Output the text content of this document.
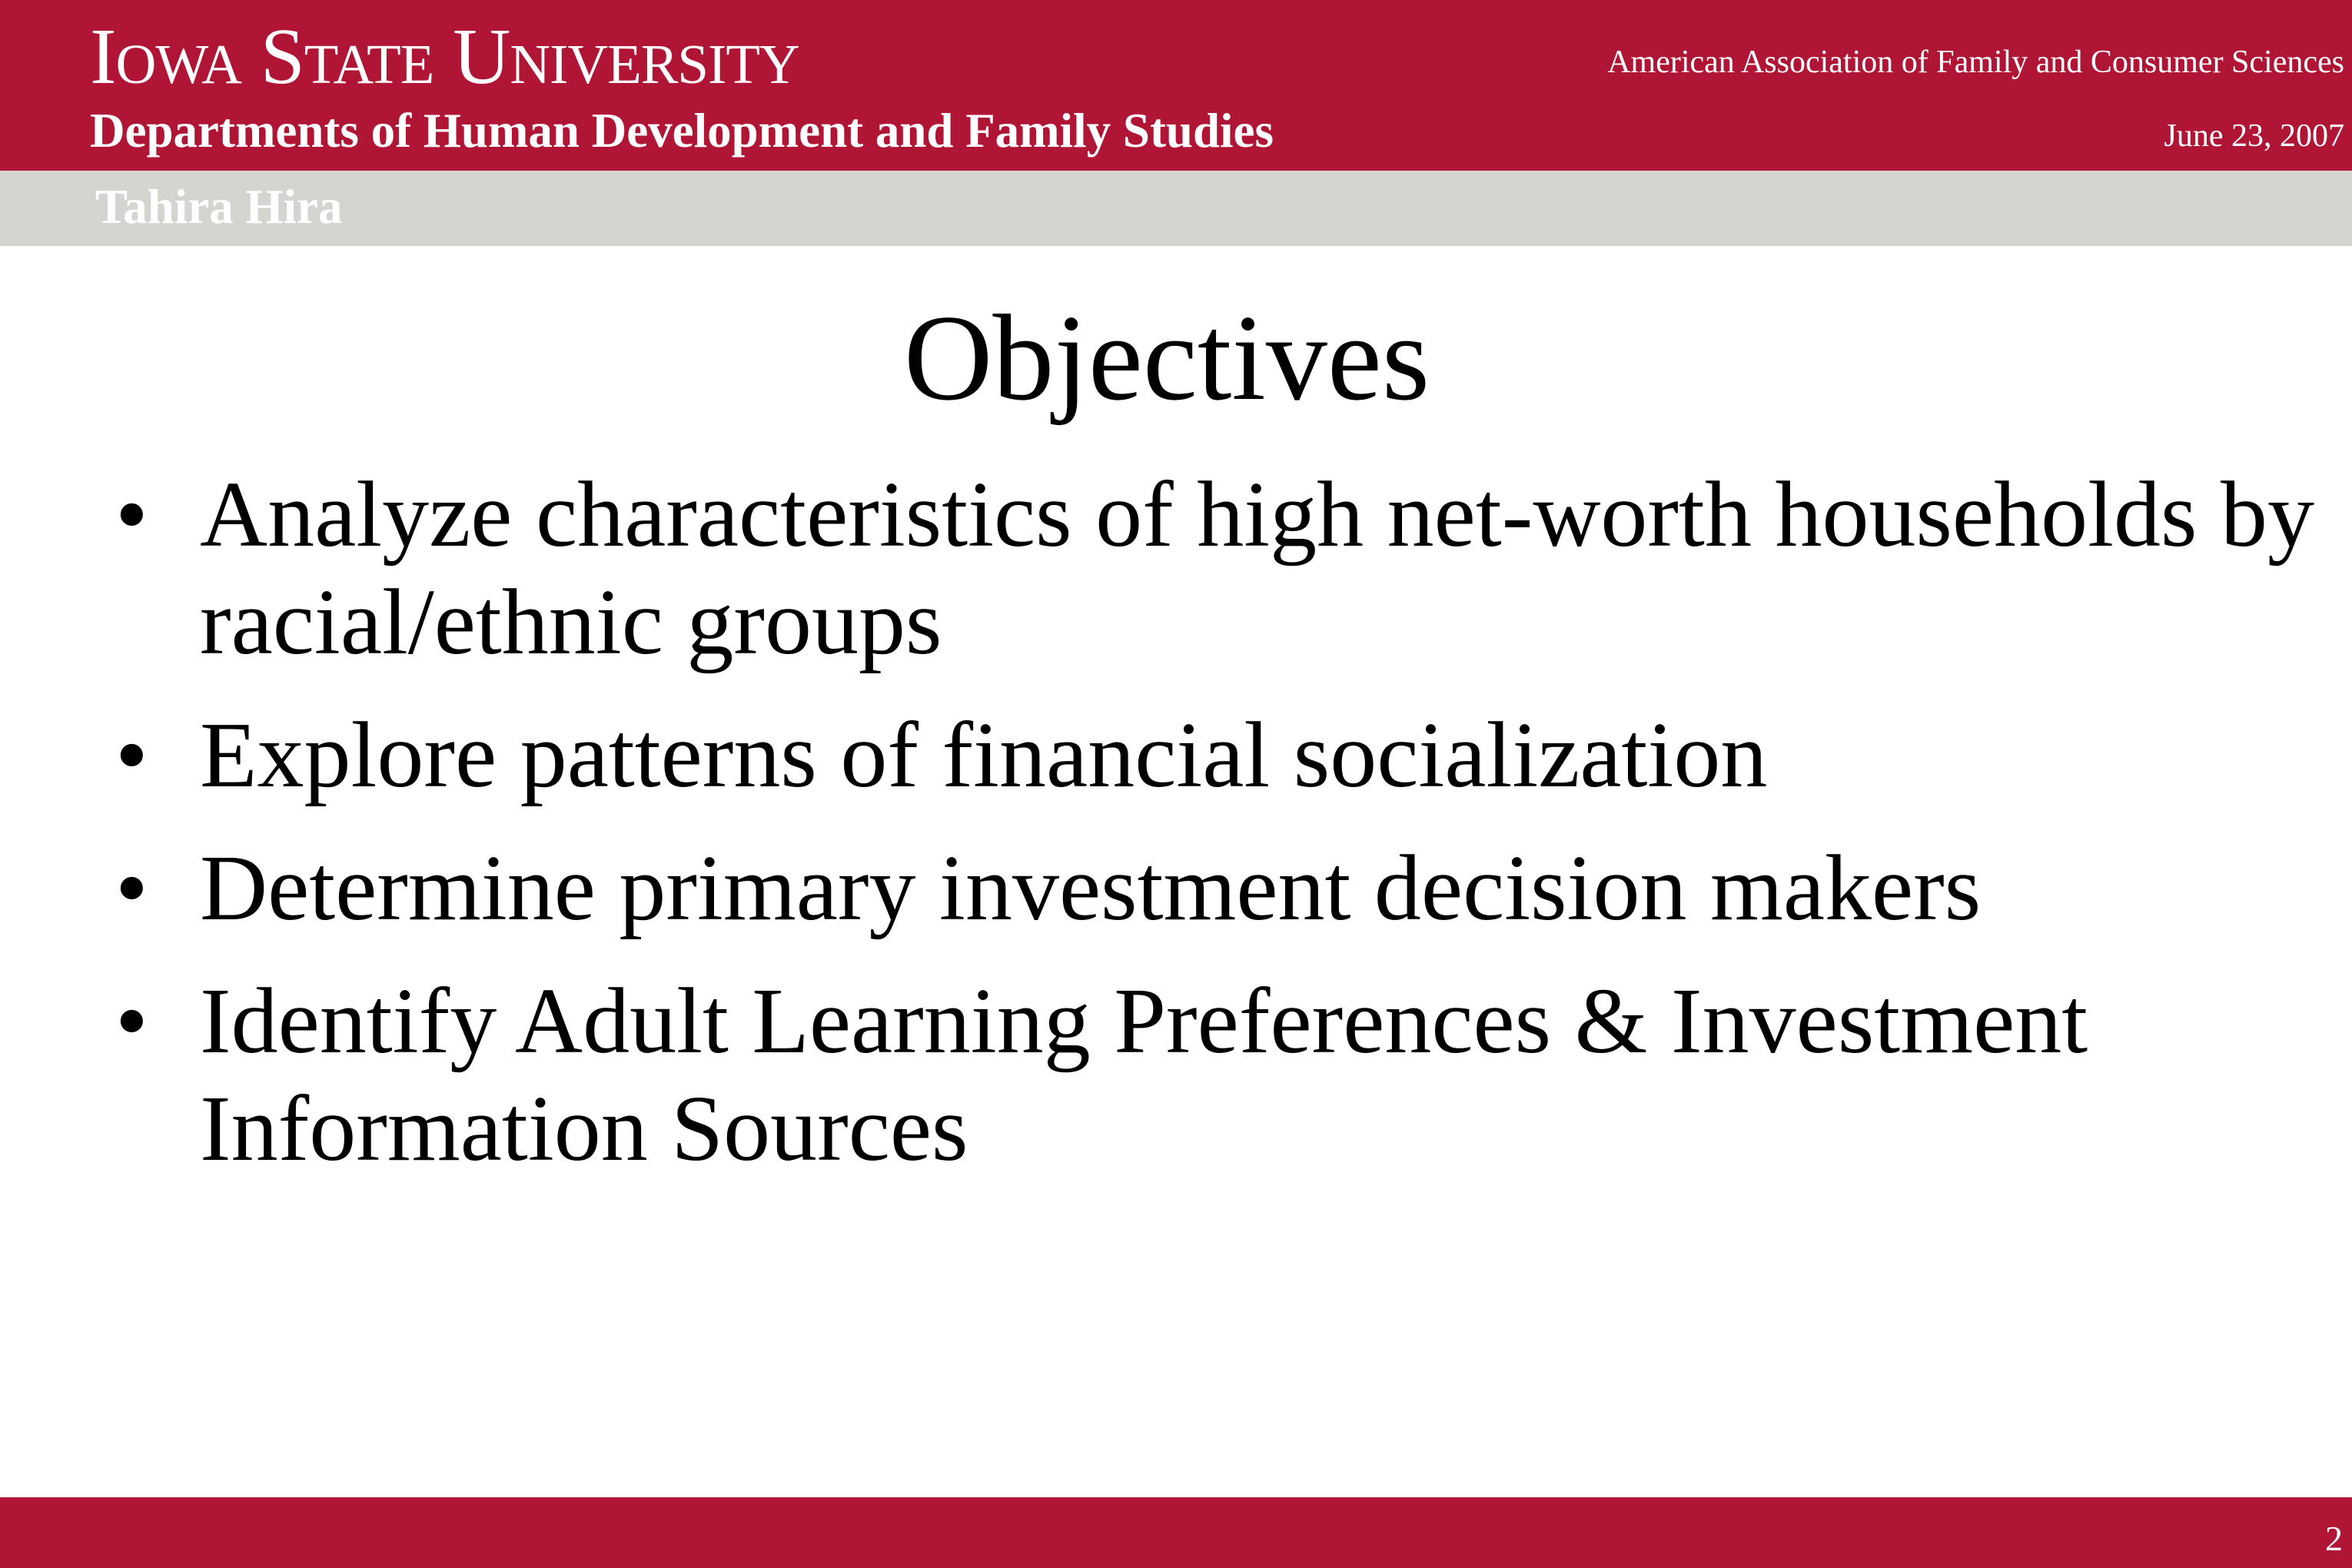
Iowa State University
Departments of Human Development and Family Studies
American Association of Family and Consumer Sciences
June 23, 2007
Tahira Hira
Objectives
• Analyze characteristics of high net-worth households by racial/ethnic groups
• Explore patterns of financial socialization
• Determine primary investment decision makers
• Identify Adult Learning Preferences & Investment Information Sources
2
